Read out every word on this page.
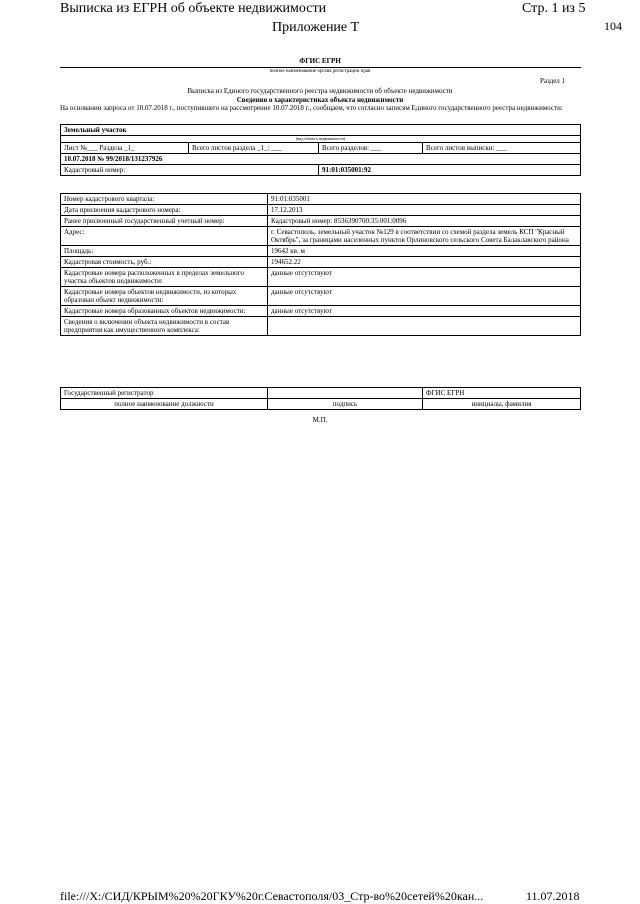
Выписка из ЕГРН об объекте недвижимости	Стр. 1 из 5
104
Приложение Т
ФГИС ЕГРН
полное наименование органа регистрации прав
Раздел 1
Выписка из Единого государственного реестра недвижимости об объекте недвижимости
Сведения о характеристиках объекта недвижимости
На основании запроса от 10.07.2018 г., поступившего на рассмотрение 10.07.2018 г., сообщаем, что согласно записям Единого государственного реестра недвижимости:
Земельный участок			
(вид объекта недвижимости)			
Лист №___ Раздела _1_	Всего листов раздела _1_: ___	Всего разделов: ___	Всего листов выписки: ___
10.07.2018 № 99/2018/131237926			
Кадастровый номер:		91:01:035001:92	
Номер кадастрового квартала:	91:01:035001
Дата присвоения кадастрового номера:	17.12.2013
Ранее присвоенный государственный учетный номер:	Кадастровый номер: 8536390700:35:001:0096
Адрес:	г. Севастополь, земельный участок №129 в соответствии со схемой раздела земель КСП "Красный Октябрь", за границами населенных пунктов Орлиновского сельского Совета Балаклавского района
Площадь:	19642 кв. м
Кадастровая стоимость, руб.:	194652.22
Кадастровые номера расположенных в пределах земельного участка объектов недвижимости:	данные отсутствуют
Кадастровые номера объектов недвижимости, из которых образован объект недвижимости:	данные отсутствуют
Кадастровые номера образованных объектов недвижимости:	данные отсутствуют
Сведения о включении объекта недвижимости в состав предприятия как имущественного комплекса:	
Государственный регистратор		ФГИС ЕГРН
полное наименование должности	подпись	инициалы, фамилия
М.П.
file:///X:/СИД/КРЫМ%20%20ГКУ%20г.Севастополя/03_Стр-во%20сетей%20кан...	11.07.2018
